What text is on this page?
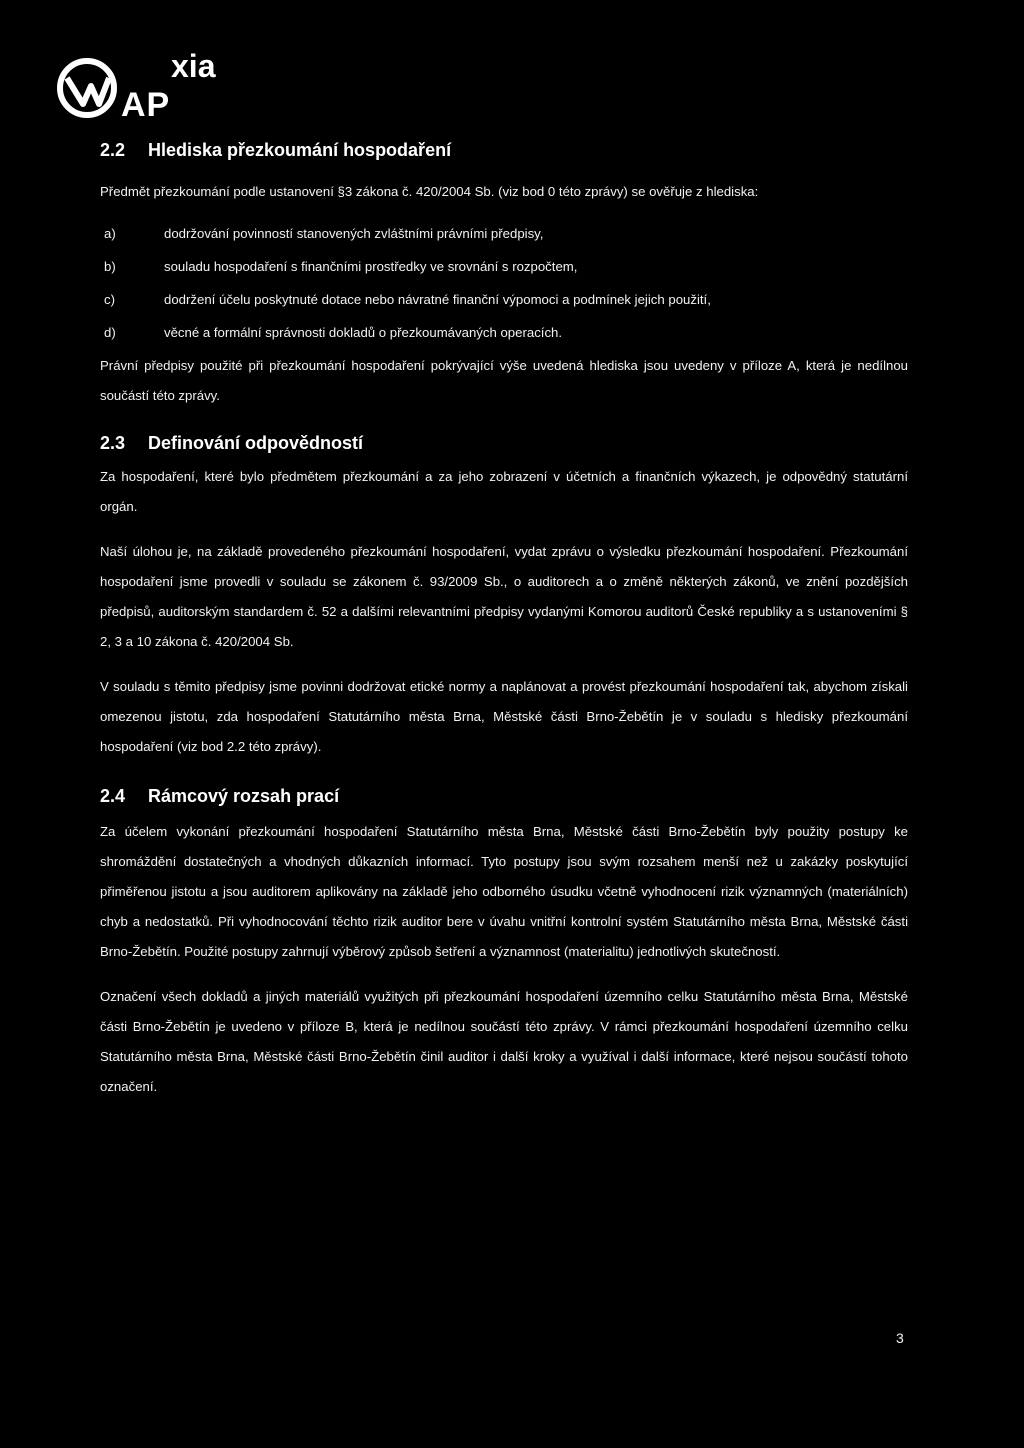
AP
xia
2.2 Hlediska přezkoumání hospodaření

Předmět přezkoumání podle ustanovení §3 zákona č. 420/2004 Sb. (viz bod 0 této zprávy) se ověřuje z hlediska:

a)	dodržování povinností stanovených zvláštními právními předpisy,
b)	souladu hospodaření s finančními prostředky ve srovnání s rozpočtem,
c)	dodržení účelu poskytnuté dotace nebo návratné finanční výpomoci a podmínek jejich použití,
d)	věcné a formální správnosti dokladů o přezkoumávaných operacích.

Právní předpisy použité při přezkoumání hospodaření pokrývající výše uvedená hlediska jsou uvedeny v příloze A, která je nedílnou součástí této zprávy.

2.3 Definování odpovědností

Za hospodaření, které bylo předmětem přezkoumání a za jeho zobrazení v účetních a finančních výkazech, je odpovědný statutární orgán.

Naší úlohou je, na základě provedeného přezkoumání hospodaření, vydat zprávu o výsledku přezkoumání hospodaření. Přezkoumání hospodaření jsme provedli v souladu se zákonem č. 93/2009 Sb., o auditorech a o změně některých zákonů, ve znění pozdějších předpisů, auditorským standardem č. 52 a dalšími relevantními předpisy vydanými Komorou auditorů České republiky a s ustanoveními § 2, 3 a 10 zákona č. 420/2004 Sb.

V souladu s těmito předpisy jsme povinni dodržovat etické normy a naplánovat a provést přezkoumání hospodaření tak, abychom získali omezenou jistotu, zda hospodaření Statutárního města Brna, Městské části Brno-Žebětín je v souladu s hledisky přezkoumání hospodaření (viz bod 2.2 této zprávy).

2.4 Rámcový rozsah prací

Za účelem vykonání přezkoumání hospodaření Statutárního města Brna, Městské části Brno-Žebětín byly použity postupy ke shromáždění dostatečných a vhodných důkazních informací. Tyto postupy jsou svým rozsahem menší než u zakázky poskytující přiměřenou jistotu a jsou auditorem aplikovány na základě jeho odborného úsudku včetně vyhodnocení rizik významných (materiálních) chyb a nedostatků. Při vyhodnocování těchto rizik auditor bere v úvahu vnitřní kontrolní systém Statutárního města Brna, Městské části Brno-Žebětín. Použité postupy zahrnují výběrový způsob šetření a významnost (materialitu) jednotlivých skutečností.

Označení všech dokladů a jiných materiálů využitých při přezkoumání hospodaření územního celku Statutárního města Brna, Městské části Brno-Žebětín je uvedeno v příloze B, která je nedílnou součástí této zprávy. V rámci přezkoumání hospodaření územního celku Statutárního města Brna, Městské části Brno-Žebětín činil auditor i další kroky a využíval i další informace, které nejsou součástí tohoto označení.

3
